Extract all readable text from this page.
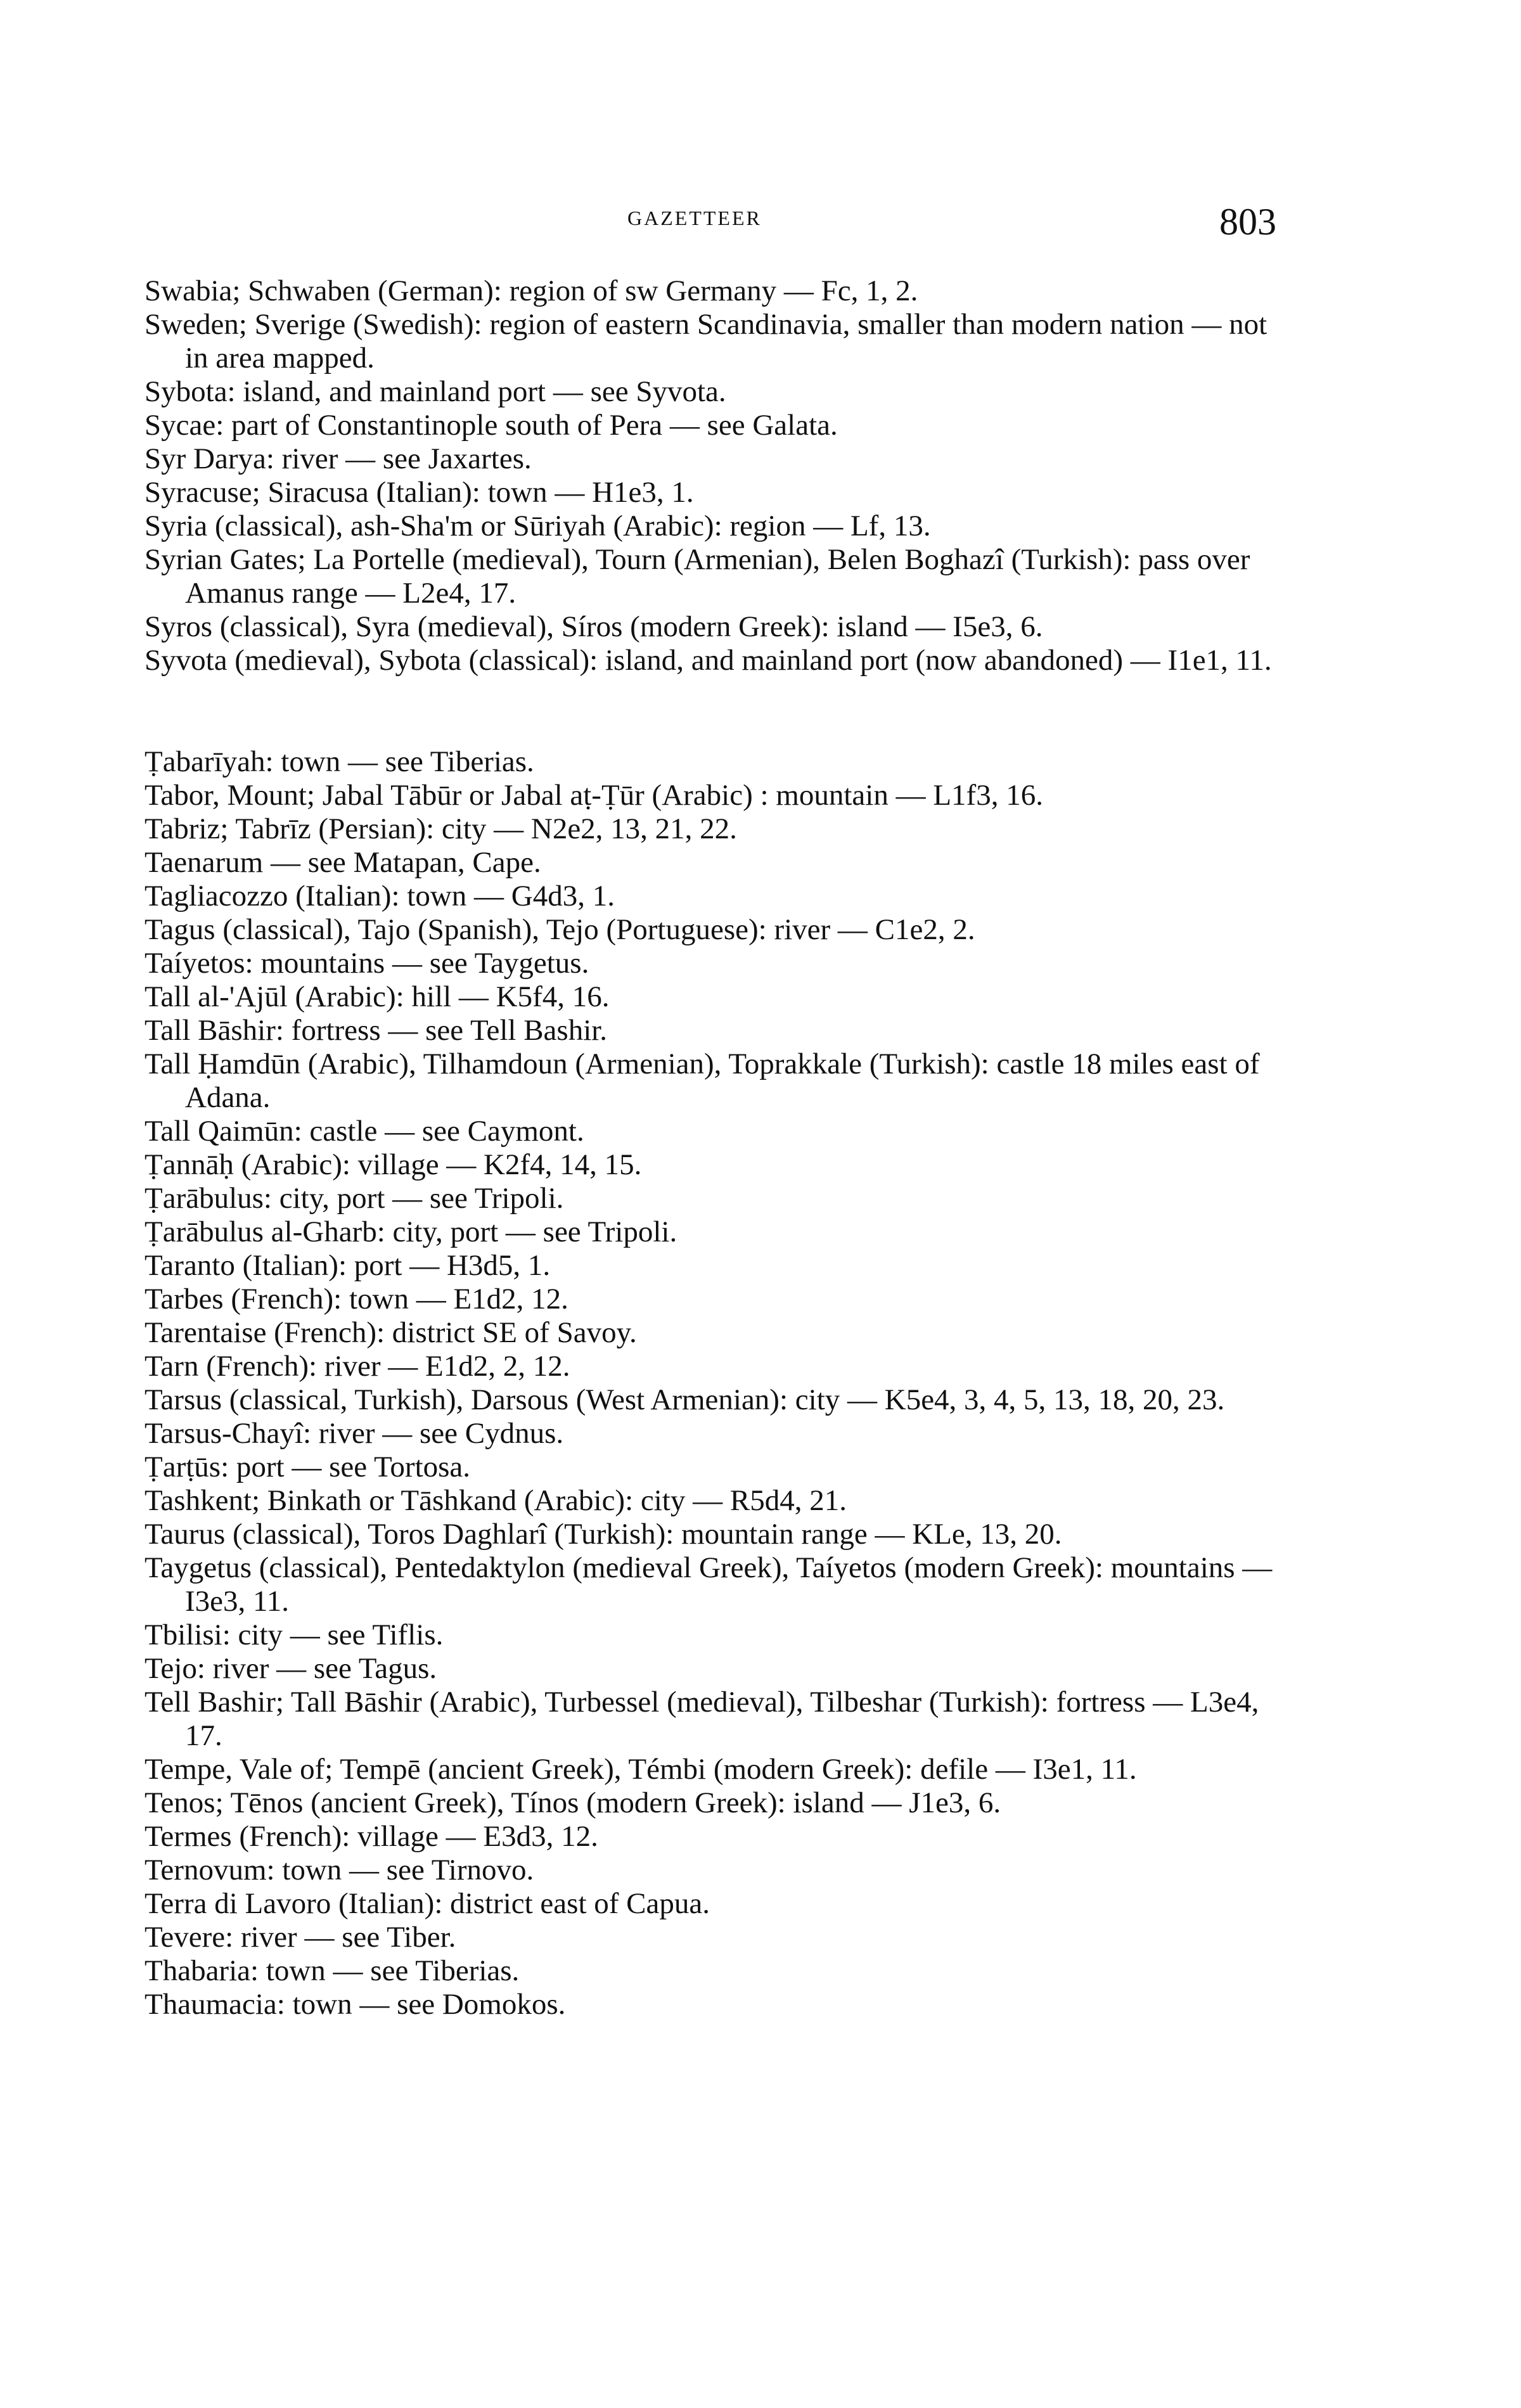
GAZETTEER	803
Swabia; Schwaben (German): region of sw Germany — Fc, 1, 2.
Sweden; Sverige (Swedish): region of eastern Scandinavia, smaller than modern nation — not in area mapped.
Sybota: island, and mainland port — see Syvota.
Sycae: part of Constantinople south of Pera — see Galata.
Syr Darya: river — see Jaxartes.
Syracuse; Siracusa (Italian): town — H1e3, 1.
Syria (classical), ash-Sha'm or Sūriyah (Arabic): region — Lf, 13.
Syrian Gates; La Portelle (medieval), Tourn (Armenian), Belen Boghazî (Turkish): pass over Amanus range — L2e4, 17.
Syros (classical), Syra (medieval), Síros (modern Greek): island — I5e3, 6.
Syvota (medieval), Sybota (classical): island, and mainland port (now abandoned) — I1e1, 11.
Ṭabarīyah: town — see Tiberias.
Tabor, Mount; Jabal Tābūr or Jabal aṭ-Ṭūr (Arabic) : mountain — L1f3, 16.
Tabriz; Tabrīz (Persian): city — N2e2, 13, 21, 22.
Taenarum — see Matapan, Cape.
Tagliacozzo (Italian): town — G4d3, 1.
Tagus (classical), Tajo (Spanish), Tejo (Portuguese): river — C1e2, 2.
Taíyetos: mountains — see Taygetus.
Tall al-'Ajūl (Arabic): hill — K5f4, 16.
Tall Bāshir: fortress — see Tell Bashir.
Tall Ḥamdūn (Arabic), Tilhamdoun (Armenian), Toprakkale (Turkish): castle 18 miles east of Adana.
Tall Qaimūn: castle — see Caymont.
Ṭannāḥ (Arabic): village — K2f4, 14, 15.
Ṭarābulus: city, port — see Tripoli.
Ṭarābulus al-Gharb: city, port — see Tripoli.
Taranto (Italian): port — H3d5, 1.
Tarbes (French): town — E1d2, 12.
Tarentaise (French): district SE of Savoy.
Tarn (French): river — E1d2, 2, 12.
Tarsus (classical, Turkish), Darsous (West Armenian): city — K5e4, 3, 4, 5, 13, 18, 20, 23.
Tarsus-Chayî: river — see Cydnus.
Ṭarṭūs: port — see Tortosa.
Tashkent; Binkath or Tāshkand (Arabic): city — R5d4, 21.
Taurus (classical), Toros Daghlarî (Turkish): mountain range — KLe, 13, 20.
Taygetus (classical), Pentedaktylon (medieval Greek), Taíyetos (modern Greek): mountains — I3e3, 11.
Tbilisi: city — see Tiflis.
Tejo: river — see Tagus.
Tell Bashir; Tall Bāshir (Arabic), Turbessel (medieval), Tilbeshar (Turkish): fortress — L3e4, 17.
Tempe, Vale of; Tempē (ancient Greek), Témbi (modern Greek): defile — I3e1, 11.
Tenos; Tēnos (ancient Greek), Tínos (modern Greek): island — J1e3, 6.
Termes (French): village — E3d3, 12.
Ternovum: town — see Tirnovo.
Terra di Lavoro (Italian): district east of Capua.
Tevere: river — see Tiber.
Thabaria: town — see Tiberias.
Thaumacia: town — see Domokos.
